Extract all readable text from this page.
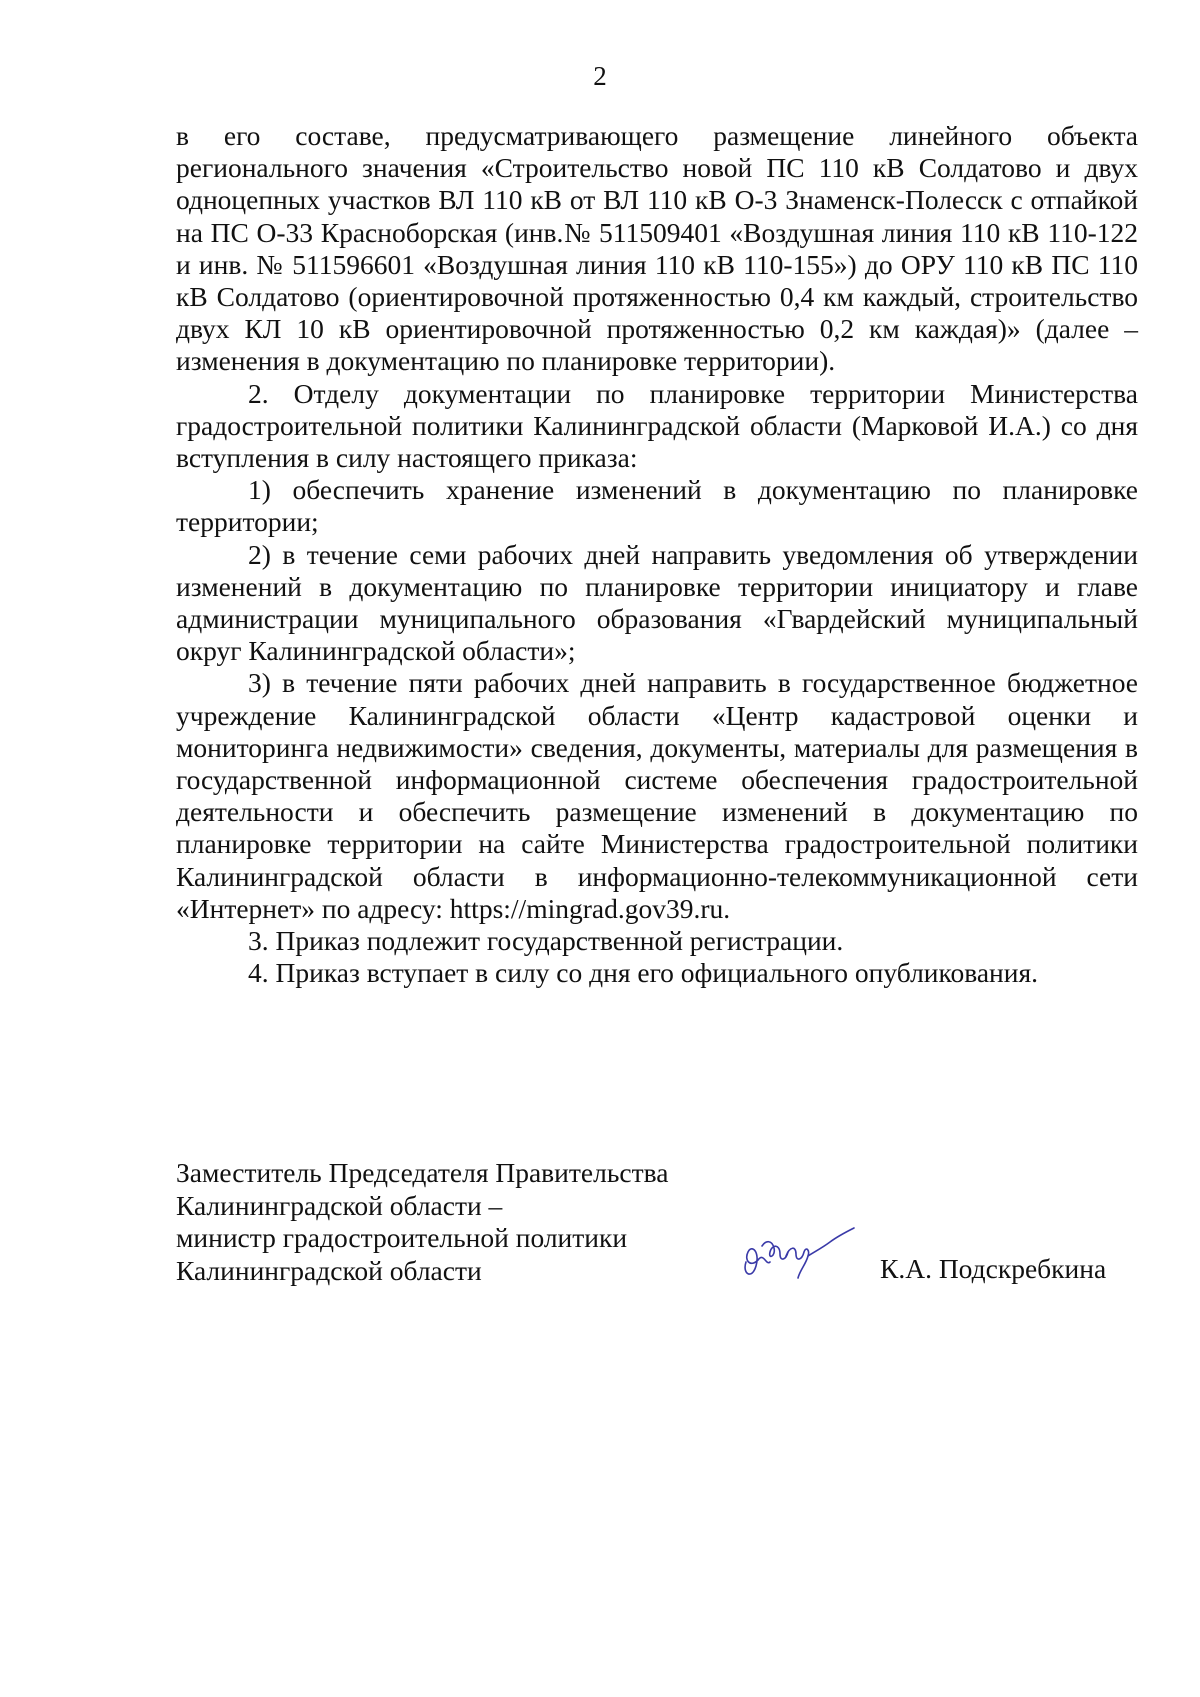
2

в его составе, предусматривающего размещение линейного объекта регионального значения «Строительство новой ПС 110 кВ Солдатово и двух одноцепных участков ВЛ 110 кВ от ВЛ 110 кВ О-3 Знаменск-Полесск с отпайкой на ПС О-33 Красноборская (инв.№ 511509401 «Воздушная линия 110 кВ 110-122 и инв. № 511596601 «Воздушная линия 110 кВ 110-155») до ОРУ 110 кВ ПС 110 кВ Солдатово (ориентировочной протяженностью 0,4 км каждый, строительство двух КЛ 10 кВ ориентировочной протяженностью 0,2 км каждая)» (далее – изменения в документацию по планировке территории).

2. Отделу документации по планировке территории Министерства градостроительной политики Калининградской области (Марковой И.А.) со дня вступления в силу настоящего приказа:

1) обеспечить хранение изменений в документацию по планировке территории;

2) в течение семи рабочих дней направить уведомления об утверждении изменений в документацию по планировке территории инициатору и главе администрации муниципального образования «Гвардейский муниципальный округ Калининградской области»;

3) в течение пяти рабочих дней направить в государственное бюджетное учреждение Калининградской области «Центр кадастровой оценки и мониторинга недвижимости» сведения, документы, материалы для размещения в государственной информационной системе обеспечения градостроительной деятельности и обеспечить размещение изменений в документацию по планировке территории на сайте Министерства градостроительной политики Калининградской области в информационно-телекоммуникационной сети «Интернет» по адресу: https://mingrad.gov39.ru.

3. Приказ подлежит государственной регистрации.

4. Приказ вступает в силу со дня его официального опубликования.

Заместитель Председателя Правительства
Калининградской области –
министр градостроительной политики
Калининградской области	К.А. Подскребкина
